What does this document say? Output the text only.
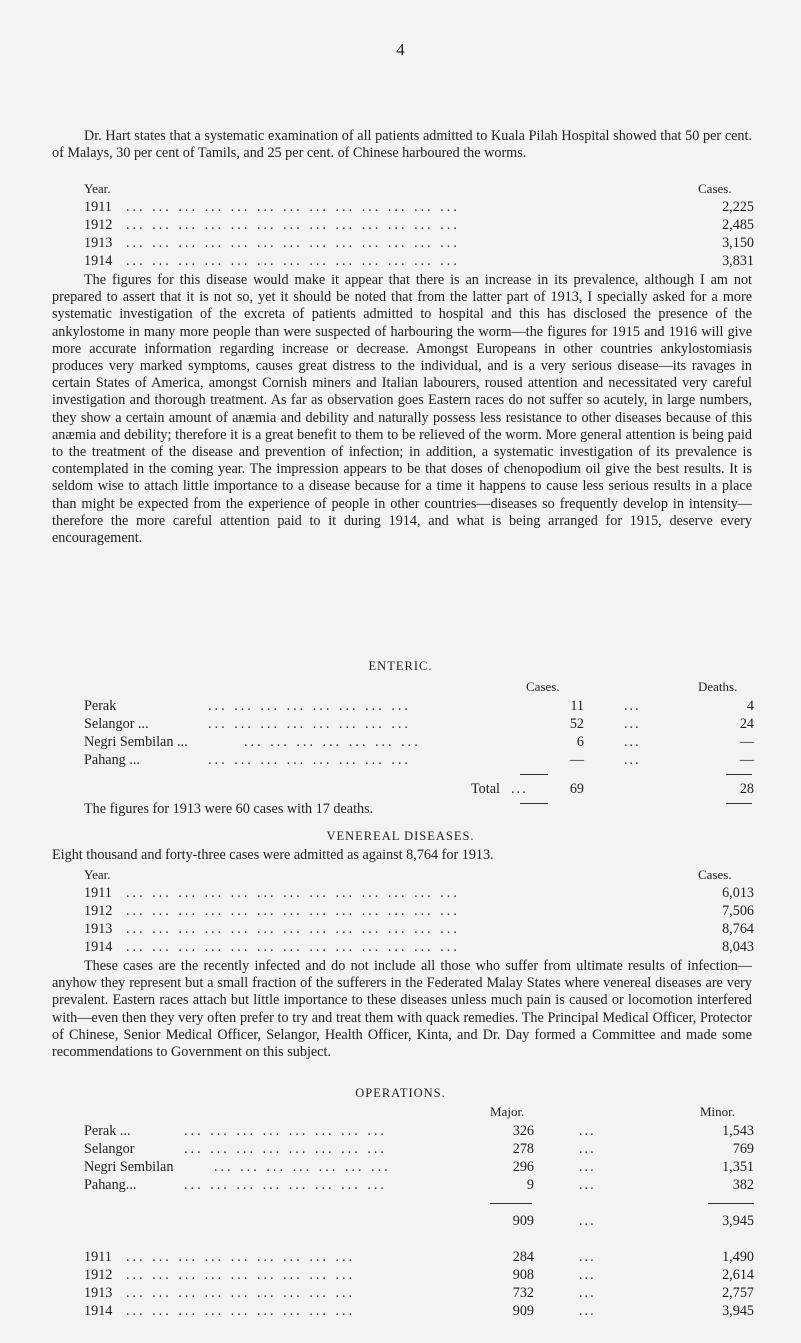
4

Dr. Hart states that a systematic examination of all patients admitted to Kuala Pilah Hospital showed that 50 per cent. of Malays, 30 per cent of Tamils, and 25 per cent. of Chinese harboured the worms.

Year.	Cases.
1911 ... ... ... ... ... ... ... ... ... ... ... ... ...	2,225
1912 ... ... ... ... ... ... ... ... ... ... ... ... ...	2,485
1913 ... ... ... ... ... ... ... ... ... ... ... ... ...	3,150
1914 ... ... ... ... ... ... ... ... ... ... ... ... ...	3,831

The figures for this disease would make it appear that there is an increase in its prevalence, although I am not prepared to assert that it is not so, yet it should be noted that from the latter part of 1913, I specially asked for a more systematic investigation of the excreta of patients admitted to hospital and this has disclosed the presence of the ankylostome in many more people than were suspected of harbouring the worm—the figures for 1915 and 1916 will give more accurate information regarding increase or decrease. Amongst Europeans in other countries ankylostomiasis produces very marked symptoms, causes great distress to the individual, and is a very serious disease—its ravages in certain States of America, amongst Cornish miners and Italian labourers, roused attention and necessitated very careful investigation and thorough treatment. As far as observation goes Eastern races do not suffer so acutely, in large numbers, they show a certain amount of anæmia and debility and naturally possess less resistance to other diseases because of this anæmia and debility; therefore it is a great benefit to them to be relieved of the worm. More general attention is being paid to the treatment of the disease and prevention of infection; in addition, a systematic investigation of its prevalence is contemplated in the coming year. The impression appears to be that doses of chenopodium oil give the best results. It is seldom wise to attach little importance to a disease because for a time it happens to cause less serious results in a place than might be expected from the experience of people in other countries—diseases so frequently develop in intensity—therefore the more careful attention paid to it during 1914, and what is being arranged for 1915, deserve every encouragement.

ENTERIC.
Cases.	Deaths.
Perak	... ... ... ... ... ... ... ...	11	...	4
Selangor ...	... ... ... ... ... ... ... ...	52	...	24
Negri Sembilan ...	... ... ... ... ... ... ...	6	...	—
Pahang ...	... ... ... ... ... ... ... ...	—	...	—
Total ...	69	28
The figures for 1913 were 60 cases with 17 deaths.
VENEREAL DISEASES.
Eight thousand and forty-three cases were admitted as against 8,764 for 1913.
Year.	Cases.
1911 ... ... ... ... ... ... ... ... ... ... ... ... ...	6,013
1912 ... ... ... ... ... ... ... ... ... ... ... ... ...	7,506
1913 ... ... ... ... ... ... ... ... ... ... ... ... ...	8,764
1914 ... ... ... ... ... ... ... ... ... ... ... ... ...	8,043

These cases are the recently infected and do not include all those who suffer from ultimate results of infection—anyhow they represent but a small fraction of the sufferers in the Federated Malay States where venereal diseases are very prevalent. Eastern races attach but little importance to these diseases unless much pain is caused or locomotion interfered with—even then they very often prefer to try and treat them with quack remedies. The Principal Medical Officer, Protector of Chinese, Senior Medical Officer, Selangor, Health Officer, Kinta, and Dr. Day formed a Committee and made some recommendations to Government on this subject.

OPERATIONS.
Major.	Minor.
Perak ...	... ... ... ... ... ... ... ...	326	...	1,543
Selangor	... ... ... ... ... ... ... ...	278	...	769
Negri Sembilan	... ... ... ... ... ... ...	296	...	1,351
Pahang...	... ... ... ... ... ... ... ...	9	...	382
909	...	3,945
1911 ... ... ... ... ... ... ... ... ...	284	...	1,490
1912 ... ... ... ... ... ... ... ... ...	908	...	2,614
1913 ... ... ... ... ... ... ... ... ...	732	...	2,757
1914 ... ... ... ... ... ... ... ... ...	909	...	3,945
